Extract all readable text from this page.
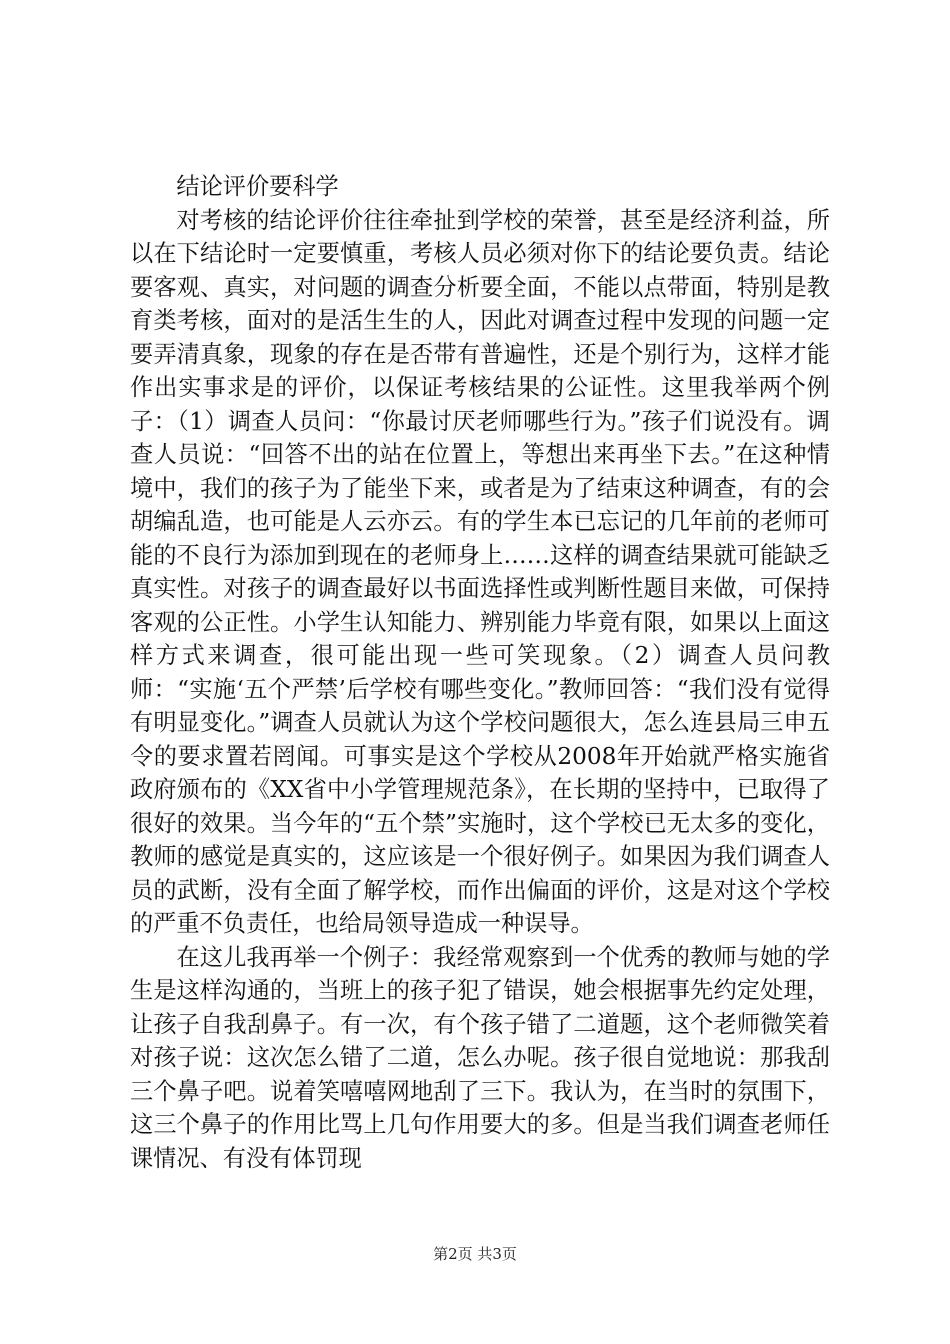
结论评价要科学

对考核的结论评价往往牵扯到学校的荣誉，甚至是经济利益，所以在下结论时一定要慎重，考核人员必须对你下的结论要负责。结论要客观、真实，对问题的调查分析要全面，不能以点带面，特别是教育类考核，面对的是活生生的人，因此对调查过程中发现的问题一定要弄清真象，现象的存在是否带有普遍性，还是个别行为，这样才能作出实事求是的评价，以保证考核结果的公证性。这里我举两个例子：（1）调查人员问：“你最讨厌老师哪些行为。”孩子们说没有。调查人员说：“回答不出的站在位置上，等想出来再坐下去。”在这种情境中，我们的孩子为了能坐下来，或者是为了结束这种调查，有的会胡编乱造，也可能是人云亦云。有的学生本已忘记的几年前的老师可能的不良行为添加到现在的老师身上……这样的调查结果就可能缺乏真实性。对孩子的调查最好以书面选择性或判断性题目来做，可保持客观的公正性。小学生认知能力、辨别能力毕竟有限，如果以上面这样方式来调查，很可能出现一些可笑现象。（2）调查人员问教师：“实施‘五个严禁’后学校有哪些变化。”教师回答：“我们没有觉得有明显变化。”调查人员就认为这个学校问题很大，怎么连县局三申五令的要求置若罔闻。可事实是这个学校从2008年开始就严格实施省政府颁布的《XX省中小学管理规范条》，在长期的坚持中，已取得了很好的效果。当今年的“五个禁”实施时，这个学校已无太多的变化，教师的感觉是真实的，这应该是一个很好例子。如果因为我们调查人员的武断，没有全面了解学校，而作出偏面的评价，这是对这个学校的严重不负责任，也给局领导造成一种误导。

在这儿我再举一个例子：我经常观察到一个优秀的教师与她的学生是这样沟通的，当班上的孩子犯了错误，她会根据事先约定处理，让孩子自我刮鼻子。有一次，有个孩子错了二道题，这个老师微笑着对孩子说：这次怎么错了二道，怎么办呢。孩子很自觉地说：那我刮三个鼻子吧。说着笑嘻嘻网地刮了三下。我认为，在当时的氛围下，这三个鼻子的作用比骂上几句作用要大的多。但是当我们调查老师任课情况、有没有体罚现

第2页 共3页
